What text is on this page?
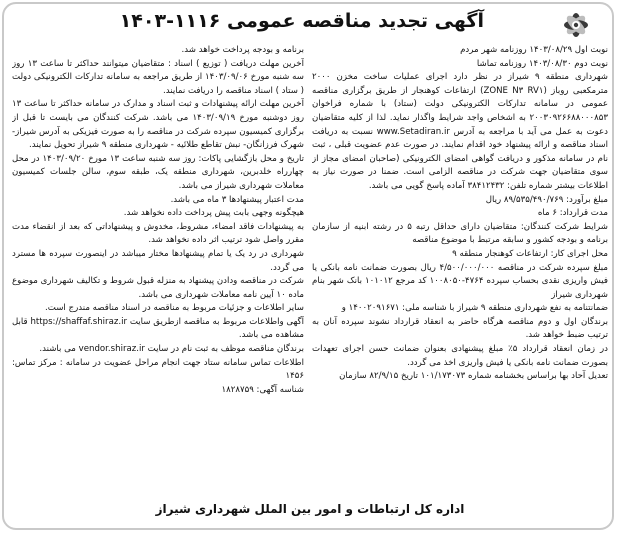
آگهی تجدید مناقصه عمومی ۱۱۱۶-۱۴۰۳

نوبت اول ۱۴۰۳/۰۸/۲۹ روزنامه شهر مردم

نوبت دوم ۱۴۰۳/۰۸/۳۰ روزنامه تماشا

شهرداری منطقه ۹ شیراز در نظر دارد اجرای عملیات ساخت مخزن ۲۰۰۰ مترمکعبی روباز (ZONE N۳ RV۱) ارتفاعات کوهنجار از طریق برگزاری مناقصه عمومی در سامانه تدارکات الکترونیکی دولت (ستاد) با شماره فراخوان ۲۰۰۳۰۹۲۶۶۸۸۰۰۰۸۵۳ به اشخاص واجد شرایط واگذار نماید. لذا از کلیه متقاضیان دعوت به عمل می آید با مراجعه به آدرس www.Setadiran.ir نسبت به دریافت اسناد مناقصه و ارائه پیشنهاد خود اقدام نمایند. در صورت عدم عضویت قبلی ، ثبت نام در سامانه مذکور و دریافت گواهی امضای الکترونیکی (صاحبان امضای مجاز از سوی متقاضیان جهت شرکت در مناقصه الزامی است. ضمنا در صورت نیاز به اطلاعات بیشتر شماره تلفن: ۳۸۴۱۲۴۳۲ آماده پاسخ گویی می باشد.

مبلغ برآورد: ۸۹/۵۳۵/۴۹۰/۷۶۹ ریال

مدت قرارداد: ۶ ماه

شرایط شرکت کنندگان: متقاضیان دارای حداقل رتبه ۵ در رشته ابنیه از سازمان برنامه و بودجه کشور و سابقه مرتبط با موضوع مناقصه

محل اجرای کار: ارتفاعات کوهنجار منطقه ۹

مبلغ سپرده شرکت در مناقصه ۴/۵۰۰/۰۰۰/۰۰۰ ریال بصورت ضمانت نامه بانکی یا فیش واریزی نقدی بحساب سپرده ۴۷۶۴-۱۰۰۸۰۵۰ کد مرجع ۱۰۱۰۱۲ بانک شهر بنام شهرداری شیراز

ضمانتنامه به نفع شهرداری منطقه ۹ شیراز با شناسه ملی: ۱۴۰۰۲۰۹۱۶۷۱ و

برندگان اول و دوم مناقصه هرگاه حاضر به انعقاد قرارداد نشوند سپرده آنان به ترتیب ضبط خواهد شد.

در زمان انعقاد قرارداد ۵٪ مبلغ پیشنهادی بعنوان ضمانت حسن اجرای تعهدات بصورت ضمانت نامه بانکی یا فیش واریزی اخذ می گردد.

تعدیل آحاد بها براساس بخشنامه شماره ۱۰۱/۱۷۳۰۷۳ تاریخ ۸۲/۹/۱۵ سازمان

برنامه و بودجه پرداخت خواهد شد.

آخرین مهلت دریافت ( توزیع ) اسناد : متقاضیان میتوانند حداکثر تا ساعت ۱۳ روز سه شنبه مورخ ۱۴۰۳/۰۹/۰۶ از طریق مراجعه به سامانه تدارکات الکترونیکی دولت ( ستاد ) اسناد مناقصه را دریافت نمایند.

آخرین مهلت ارائه پیشنهادات و ثبت اسناد و مدارک در سامانه حداکثر تا ساعت ۱۳ روز دوشنبه مورخ ۱۴۰۳/۰۹/۱۹ می باشد. شرکت کنندگان می بایست تا قبل از برگزاری کمیسیون سپرده شرکت در مناقصه را به صورت فیزیکی به آدرس شیراز- شهرک فرزانگان- نبش تقاطع طلائیه - شهرداری منطقه ۹ شیراز تحویل نمایند.

تاریخ و محل بازگشایی پاکات: روز سه شنبه ساعت ۱۳ مورخ ۱۴۰۳/۰۹/۲۰ در محل چهارراه خلدبرین، شهرداری منطقه یک، طبقه سوم، سالن جلسات کمیسیون معاملات شهرداری شیراز می باشد.

مدت اعتبار پیشنهادها ۳ ماه می باشد.

هیچگونه وجهی بابت پیش پرداخت داده نخواهد شد.

به پیشنهادات فاقد امضاء، مشروط، مخدوش و پیشنهاداتی که بعد از انقضاء مدت مقرر واصل شود ترتیب اثر داده نخواهد شد.

شهرداری در رد یک یا تمام پیشنهادها مختار میباشد در اینصورت سپرده ها مسترد می گردد.

شرکت در مناقصه ودادن پیشنهاد به منزله قبول شروط و تکالیف شهرداری موضوع ماده ۱۰ آیین نامه معاملات شهرداری می باشد.

سایر اطلاعات و جزئیات مربوط به مناقصه در اسناد مناقصه مندرج است.

آگهی واطلاعات مربوط به مناقصه ازطریق سایت https://shaffaf.shiraz.ir قابل مشاهده می باشد.

برندگان مناقصه موظف به ثبت نام در سایت vendor.shiraz.ir می باشند.

اطلاعات تماس سامانه ستاد جهت انجام مراحل عضویت در سامانه : مرکز تماس: ۱۴۵۶

شناسه آگهی: ۱۸۲۸۷۵۹

اداره کل ارتباطات و امور بین الملل شهرداری شیراز
